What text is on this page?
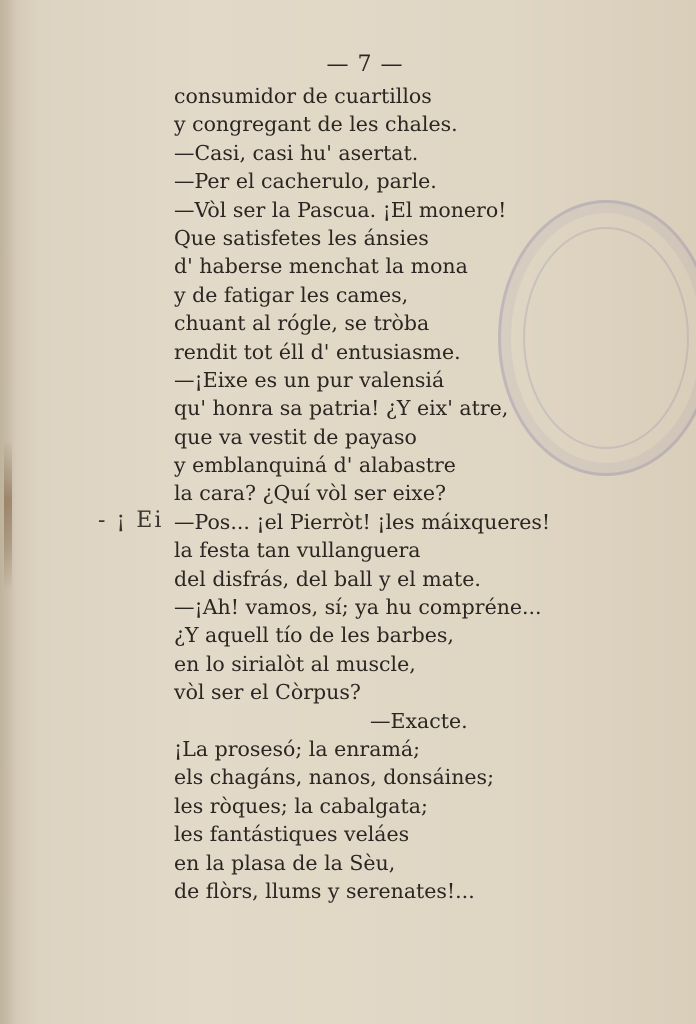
— 7 —
- ¡ Ei
consumidor de cuartillos
y congregant de les chales.
—Casi, casi hu' asertat.
—Per el cacherulo, parle.
—Vòl ser la Pascua. ¡El monero!
Que satisfetes les ánsies
d' haberse menchat la mona
y de fatigar les cames,
chuant al rógle, se tròba
rendit tot éll d' entusiasme.
—¡Eixe es un pur valensiá
qu' honra sa patria! ¿Y eix' atre,
que va vestit de payaso
y emblanquiná d' alabastre
la cara? ¿Quí vòl ser eixe?
—Pos... ¡el Pierròt! ¡les máixqueres!
la festa tan vullanguera
del disfrás, del ball y el mate.
—¡Ah! vamos, sí; ya hu compréne...
¿Y aquell tío de les barbes,
en lo sirialòt al muscle,
vòl ser el Còrpus?
—Exacte.
¡La prosesó; la enramá;
els chagáns, nanos, donsáines;
les ròques; la cabalgata;
les fantástiques veláes
en la plasa de la Sèu,
de flòrs, llums y serenates!...
